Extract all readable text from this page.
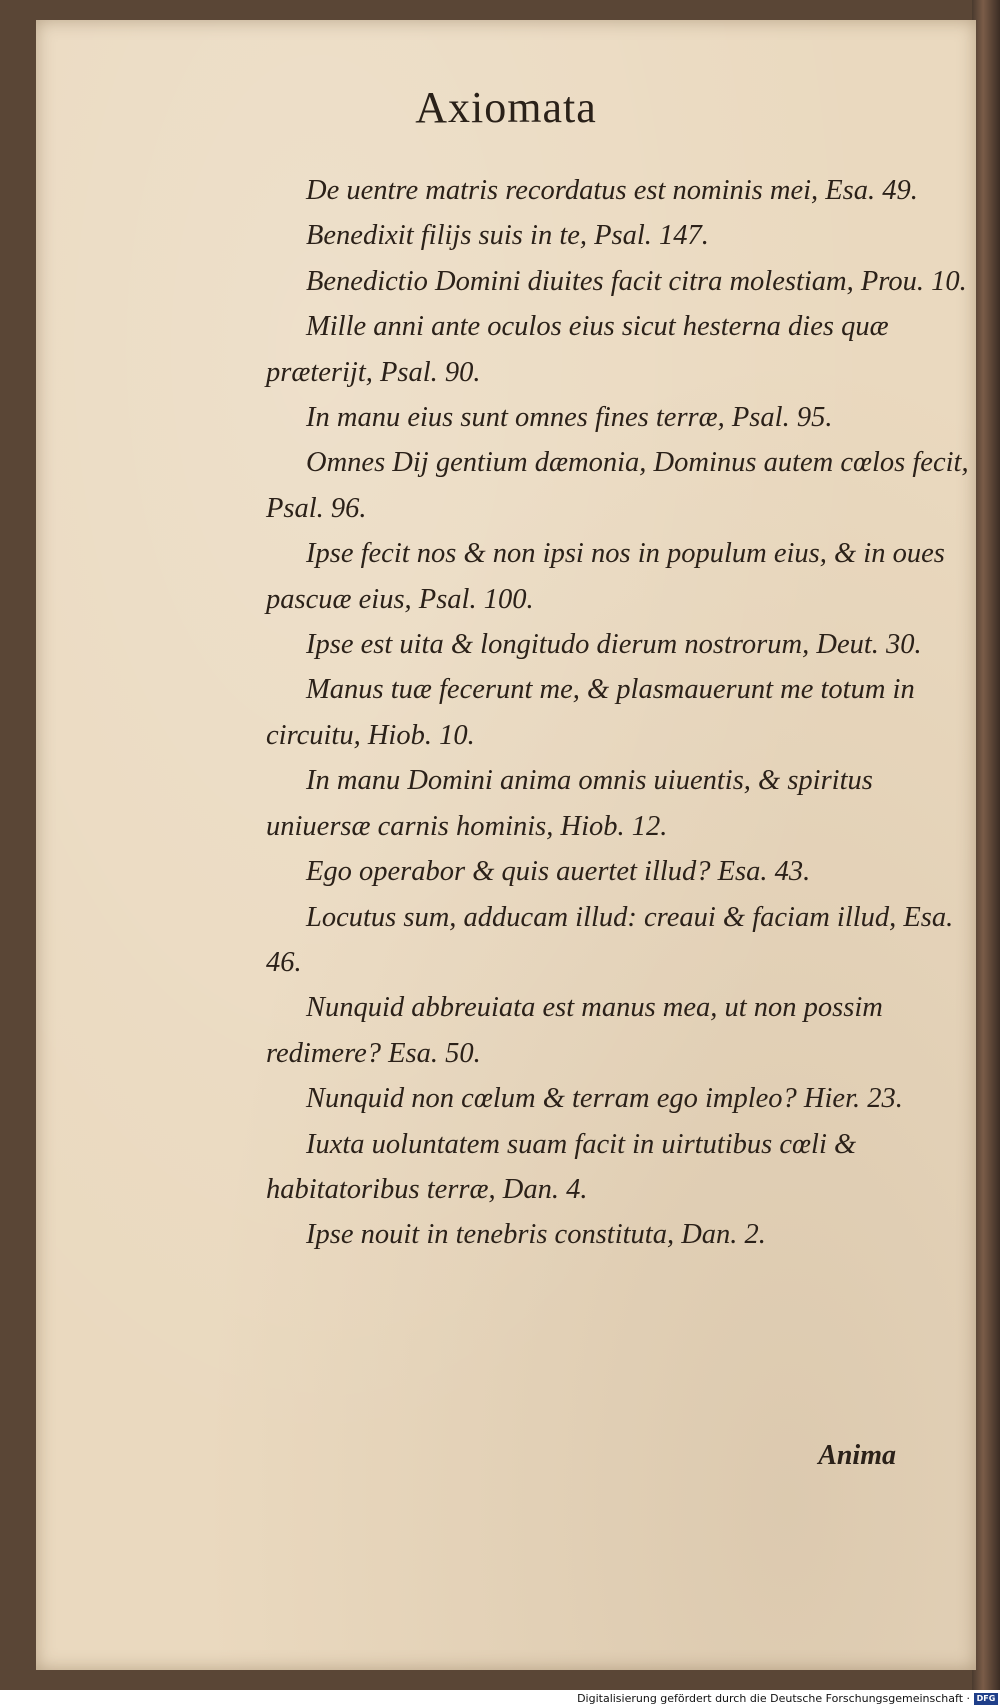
Axiomata

De uentre matris recordatus est nominis mei, Esa. 49.

Benedixit filijs suis in te, Psal. 147.

Benedictio Domini diuites facit citra molestiam, Prou. 10.

Mille anni ante oculos eius sicut hesterna dies quæ præterijt, Psal. 90.

In manu eius sunt omnes fines terræ, Psal. 95.

Omnes Dij gentium dæmonia, Dominus autem cœlos fecit, Psal. 96.

Ipse fecit nos & non ipsi nos in populum eius, & in oues pascuæ eius, Psal. 100.

Ipse est uita & longitudo dierum nostrorum, Deut. 30.

Manus tuæ fecerunt me, & plasmauerunt me totum in circuitu, Hiob. 10.

In manu Domini anima omnis uiuentis, & spiritus uniuersæ carnis hominis, Hiob. 12.

Ego operabor & quis auertet illud? Esa. 43.

Locutus sum, adducam illud: creaui & faciam illud, Esa. 46.

Nunquid abbreuiata est manus mea, ut non possim redimere? Esa. 50.

Nunquid non cœlum & terram ego impleo? Hier. 23.

Iuxta uoluntatem suam facit in uirtutibus cœli & habitatoribus terræ, Dan. 4.

Ipse nouit in tenebris constituta, Dan. 2.

Anima
Digitalisierung gefördert durch die Deutsche Forschungsgemeinschaft · DFG
